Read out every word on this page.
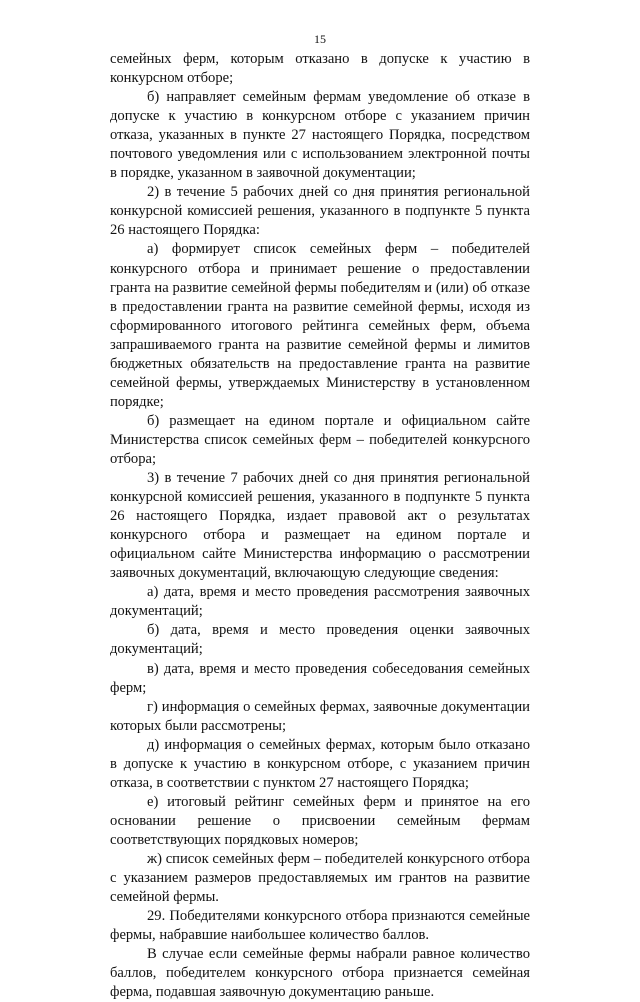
15

семейных ферм, которым отказано в допуске к участию в конкурсном отборе;

б) направляет семейным фермам уведомление об отказе в допуске к участию в конкурсном отборе с указанием причин отказа, указанных в пункте 27 настоящего Порядка, посредством почтового уведомления или с использованием электронной почты в порядке, указанном в заявочной документации;

2) в течение 5 рабочих дней со дня принятия региональной конкурсной комиссией решения, указанного в подпункте 5 пункта 26 настоящего Порядка:

а) формирует список семейных ферм – победителей конкурсного отбора и принимает решение о предоставлении гранта на развитие семейной фермы победителям и (или) об отказе в предоставлении гранта на развитие семейной фермы, исходя из сформированного итогового рейтинга семейных ферм, объема запрашиваемого гранта на развитие семейной фермы и лимитов бюджетных обязательств на предоставление гранта на развитие семейной фермы, утверждаемых Министерству в установленном порядке;

б) размещает на едином портале и официальном сайте Министерства список семейных ферм – победителей конкурсного отбора;

3) в течение 7 рабочих дней со дня принятия региональной конкурсной комиссией решения, указанного в подпункте 5 пункта 26 настоящего Порядка, издает правовой акт о результатах конкурсного отбора и размещает на едином портале и официальном сайте Министерства информацию о рассмотрении заявочных документаций, включающую следующие сведения:

а) дата, время и место проведения рассмотрения заявочных документаций;

б) дата, время и место проведения оценки заявочных документаций;

в) дата, время и место проведения собеседования семейных ферм;

г) информация о семейных фермах, заявочные документации которых были рассмотрены;

д) информация о семейных фермах, которым было отказано в допуске к участию в конкурсном отборе, с указанием причин отказа, в соответствии с пунктом 27 настоящего Порядка;

е) итоговый рейтинг семейных ферм и принятое на его основании решение о присвоении семейным фермам соответствующих порядковых номеров;

ж) список семейных ферм – победителей конкурсного отбора с указанием размеров предоставляемых им грантов на развитие семейной фермы.

29. Победителями конкурсного отбора признаются семейные фермы, набравшие наибольшее количество баллов.

В случае если семейные фермы набрали равное количество баллов, победителем конкурсного отбора признается семейная ферма, подавшая заявочную документацию раньше.
